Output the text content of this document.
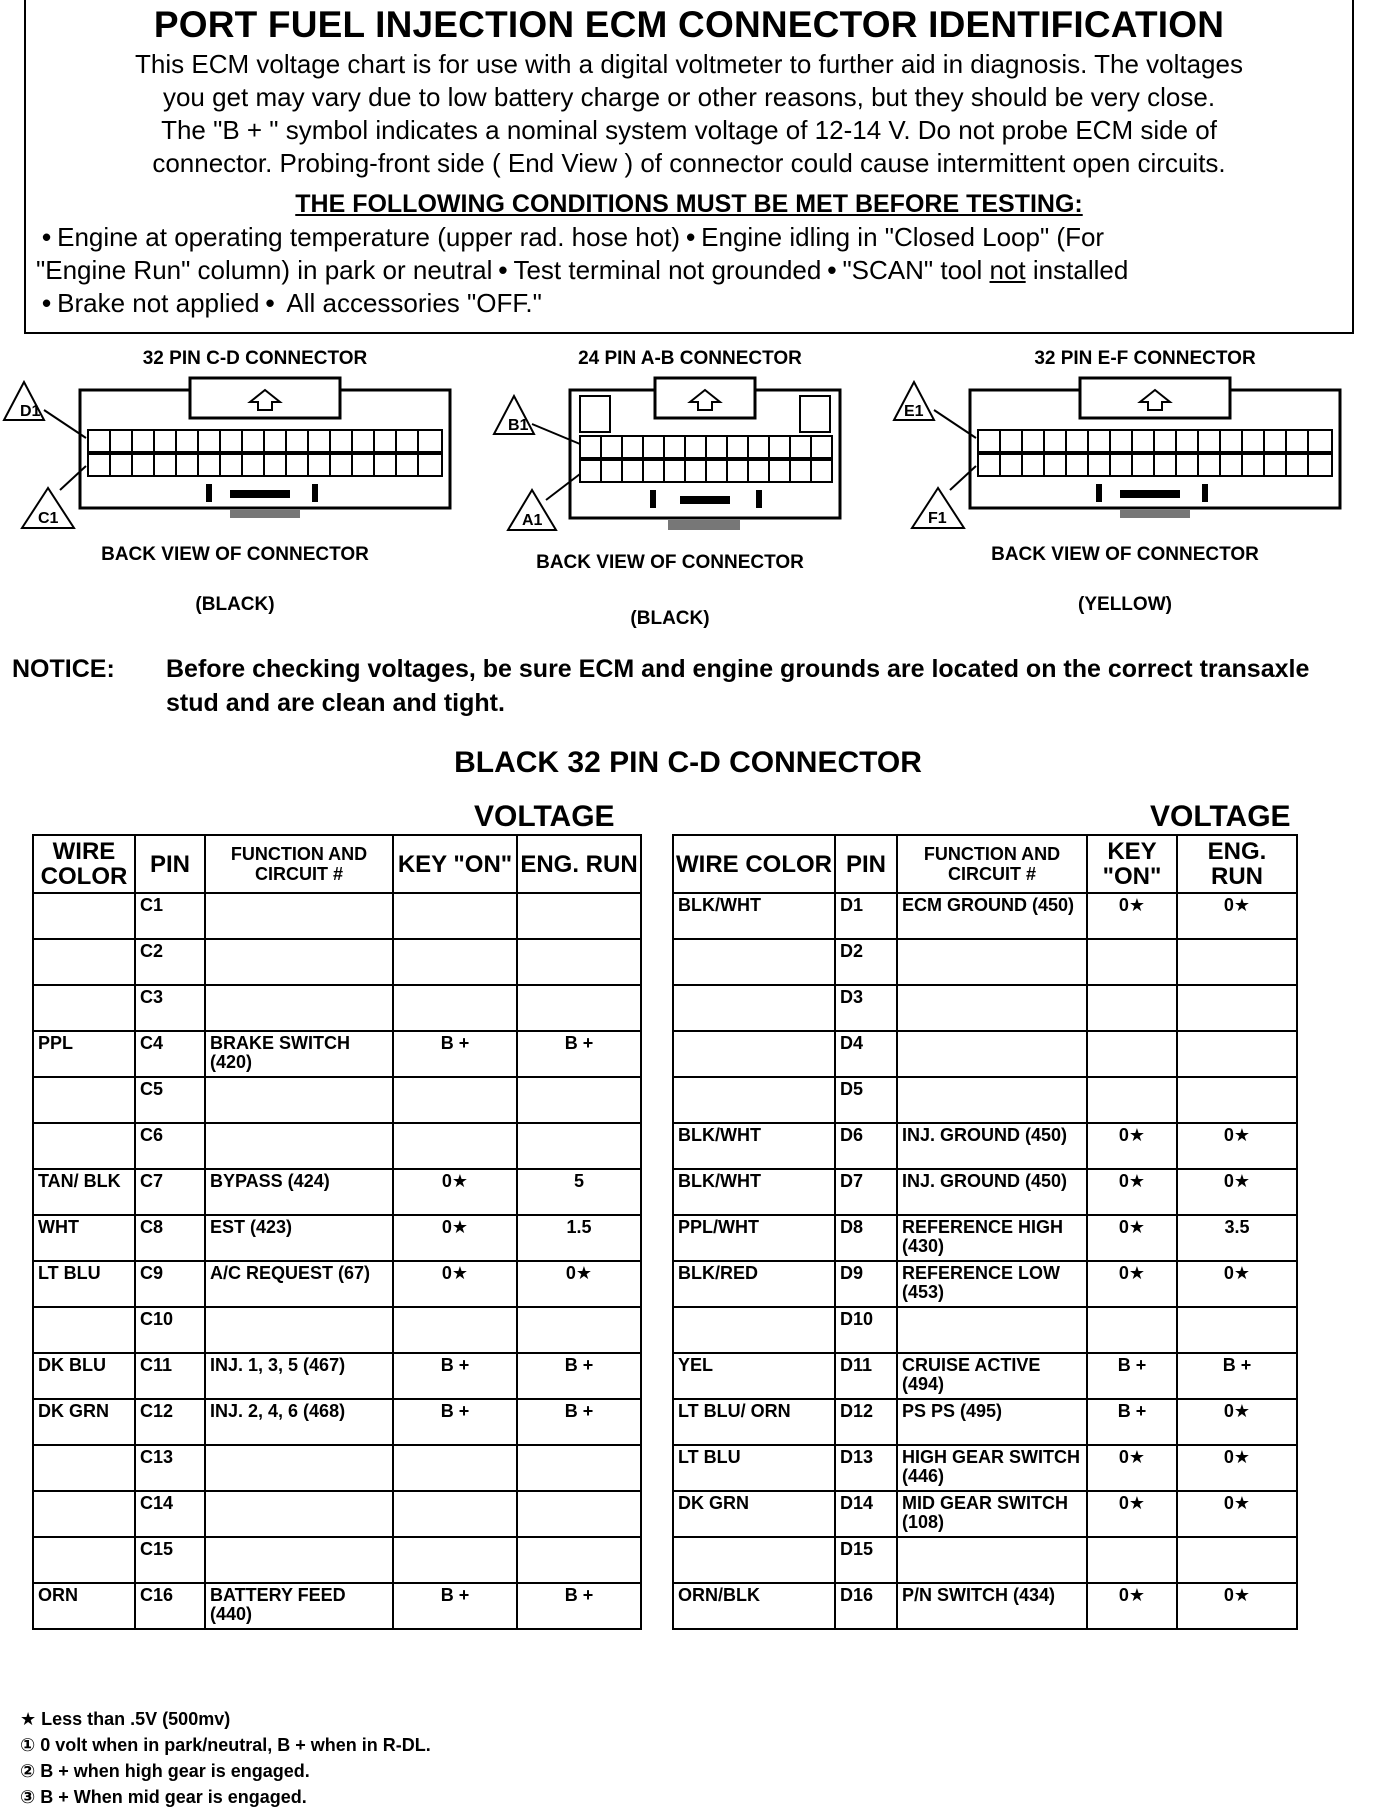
PORT FUEL INJECTION ECM CONNECTOR IDENTIFICATION
This ECM voltage chart is for use with a digital voltmeter to further aid in diagnosis. The voltages
you get may vary due to low battery charge or other reasons, but they should be very close.
The "B + " symbol indicates a nominal system voltage of 12-14 V. Do not probe ECM side of
connector. Probing-front side ( End View ) of connector could cause intermittent open circuits.
THE FOLLOWING CONDITIONS MUST BE MET BEFORE TESTING:
• Engine at operating temperature (upper rad. hose hot) • Engine idling in "Closed Loop" (For
"Engine Run" column) in park or neutral • Test terminal not grounded • "SCAN" tool not installed
• Brake not applied • All accessories "OFF."
32 PIN C-D CONNECTOR
D1
C1
BACK VIEW OF CONNECTOR
(BLACK)
24 PIN A-B CONNECTOR
B1
A1
BACK VIEW OF CONNECTOR
(BLACK)
32 PIN E-F CONNECTOR
E1
F1
BACK VIEW OF CONNECTOR
(YELLOW)
NOTICE:	Before checking voltages, be sure ECM and engine grounds are located on the correct transaxle stud and are clean and tight.
BLACK 32 PIN C-D CONNECTOR
VOLTAGE	VOLTAGE
WIRE COLOR	PIN	FUNCTION AND CIRCUIT #	KEY "ON"	ENG. RUN
	C1			
	C2			
	C3			
PPL	C4	BRAKE SWITCH (420)	B +	B +
	C5			
	C6			
TAN/ BLK	C7	BYPASS (424)	0★	5
WHT	C8	EST (423)	0★	1.5
LT BLU	C9	A/C REQUEST (67)	0★	0★
	C10			
DK BLU	C11	INJ. 1, 3, 5 (467)	B +	B +
DK GRN	C12	INJ. 2, 4, 6 (468)	B +	B +
	C13			
	C14			
	C15			
ORN	C16	BATTERY FEED (440)	B +	B +
WIRE COLOR	PIN	FUNCTION AND CIRCUIT #	KEY "ON"	ENG. RUN
BLK/WHT	D1	ECM GROUND (450)	0★	0★
	D2			
	D3			
	D4			
	D5			
BLK/WHT	D6	INJ. GROUND (450)	0★	0★
BLK/WHT	D7	INJ. GROUND (450)	0★	0★
PPL/WHT	D8	REFERENCE HIGH (430)	0★	3.5
BLK/RED	D9	REFERENCE LOW (453)	0★	0★
	D10			
YEL	D11	CRUISE ACTIVE (494)	B +	B +
LT BLU/ ORN	D12	PS PS (495)	B +	0★
LT BLU	D13	HIGH GEAR SWITCH (446)	0★	0★
DK GRN	D14	MID GEAR SWITCH (108)	0★	0★
	D15			
ORN/BLK	D16	P/N SWITCH (434)	0★	0★
★ Less than .5V (500mv)
① 0 volt when in park/neutral, B + when in R-DL.
② B + when high gear is engaged.
③ B + When mid gear is engaged.
